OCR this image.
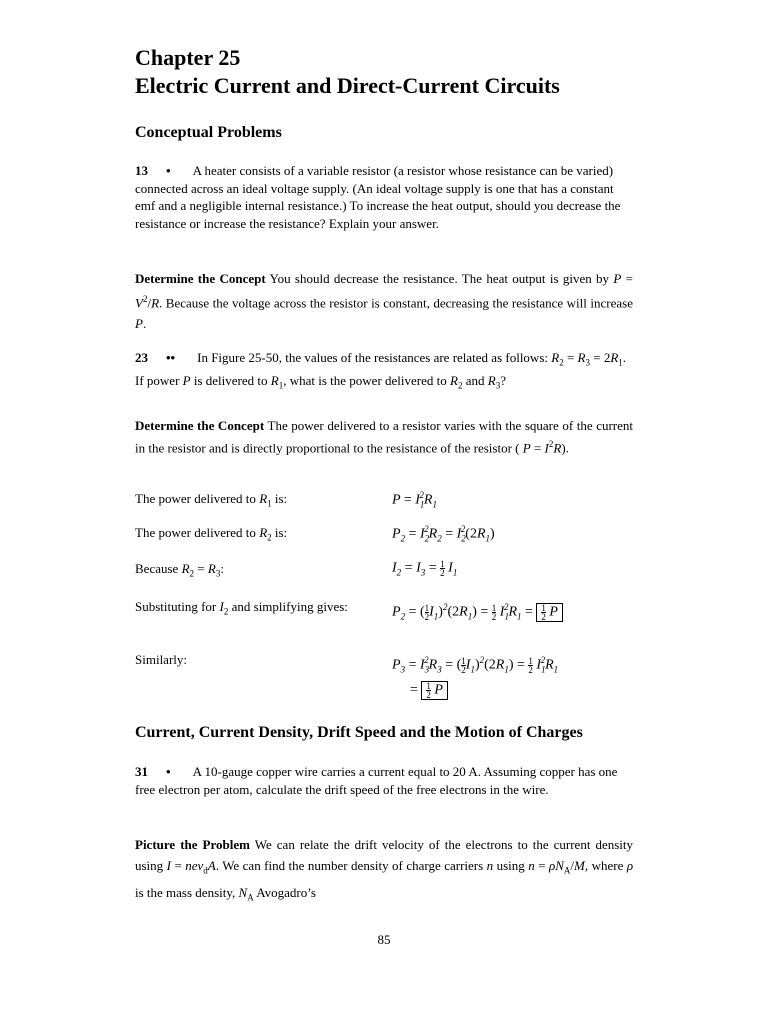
Chapter 25
Electric Current and Direct-Current Circuits
Conceptual Problems
13 • A heater consists of a variable resistor (a resistor whose resistance can be varied) connected across an ideal voltage supply. (An ideal voltage supply is one that has a constant emf and a negligible internal resistance.) To increase the heat output, should you decrease the resistance or increase the resistance? Explain your answer.
Determine the Concept You should decrease the resistance. The heat output is given by $P = V^2/R$. Because the voltage across the resistor is constant, decreasing the resistance will increase P.
23 •• In Figure 25-50, the values of the resistances are related as follows: $R_2 = R_3 = 2R_1$. If power P is delivered to $R_1$, what is the power delivered to $R_2$ and $R_3$?
Determine the Concept The power delivered to a resistor varies with the square of the current in the resistor and is directly proportional to the resistance of the resistor ( $P = I^2R$).
The power delivered to $R_1$ is:	$P = I_1^2R_1$
The power delivered to $R_2$ is:	$P_2 = I_2^2R_2 = I_2^2(2R_1)$
Because $R_2 = R_3$:	$I_2 = I_3 = \frac{1}{2} I_1$
Substituting for $I_2$ and simplifying gives:	$P_2$ = ( $\frac{1}{2} I_1)^2(2R_1) = \frac{1}{2} I_1^2R_1 = \frac{1}{2}$ P
Similarly:	$P_3 = I_3^2R_3$ = ( $\frac{1}{2} I_1)^2(2R_1) = \frac{1}{2} I_1^2R_1$
= $\frac{1}{2}$ P
Current, Current Density, Drift Speed and the Motion of Charges
31 • A 10-gauge copper wire carries a current equal to 20 A. Assuming copper has one free electron per atom, calculate the drift speed of the free electrons in the wire.
Picture the Problem We can relate the drift velocity of the electrons to the current density using I = nev$_d$A. We can find the number density of charge carriers n using $n = \rho N_A/M$, where ρ is the mass density, $N_A$ Avogadro’s
85
